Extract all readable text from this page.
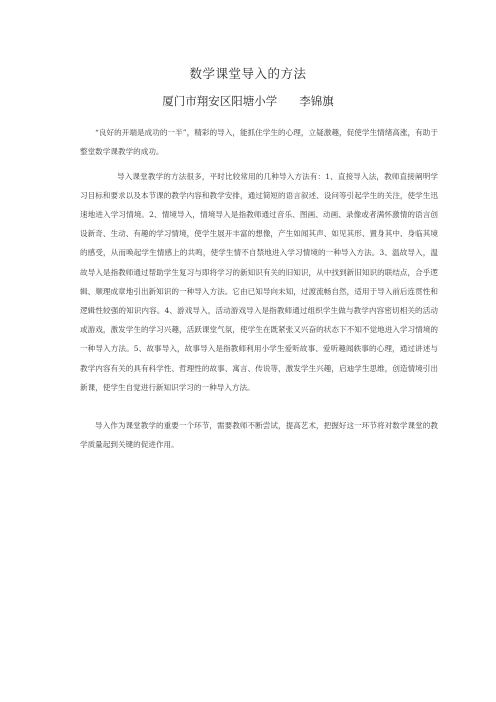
数学课堂导入的方法
厦门市翔安区阳塘小学 李锦旗

“良好的开端是成功的一半”，精彩的导入，能抓住学生的心理，立疑激趣，促使学生情绪高涨，有助于整堂数学课教学的成功。

导入课堂教学的方法很多，平时比较常用的几种导入方法有：1、直接导入法，教师直接阐明学习目标和要求以及本节课的教学内容和教学安排，通过简短的语言叙述、设问等引起学生的关注，使学生迅速地进入学习情境。2、情境导入，情境导入是指教师通过音乐、图画、动画、录像或者满怀激情的语言创设新奇、生动、有趣的学习情境，使学生展开丰富的想像，产生如闻其声、如见其形、置身其中、身临其境的感受，从而唤起学生情感上的共鸣，使学生情不自禁地进入学习情境的一种导入方法。3、温故导入，温故导入是指教师通过帮助学生复习与即将学习的新知识有关的旧知识，从中找到新旧知识的联结点，合乎逻辑、顺理成章地引出新知识的一种导入方法。它由已知导向未知，过渡流畅自然，适用于导入前后连贯性和逻辑性较强的知识内容。4、游戏导入，活动游戏导入是指教师通过组织学生做与教学内容密切相关的活动或游戏，激发学生的学习兴趣，活跃课堂气氛，使学生在既紧张又兴奋的状态下不知不觉地进入学习情境的一种导入方法。5、故事导入，故事导入是指教师利用小学生爱听故事、爱听趣闻轶事的心理，通过讲述与教学内容有关的具有科学性、哲理性的故事、寓言、传说等，激发学生兴趣，启迪学生思维，创造情境引出新课，使学生自觉进行新知识学习的一种导入方法。

导入作为课堂教学的重要一个环节，需要教师不断尝试，提高艺术，把握好这一环节将对数学课堂的教学质量起到关键的促进作用。
